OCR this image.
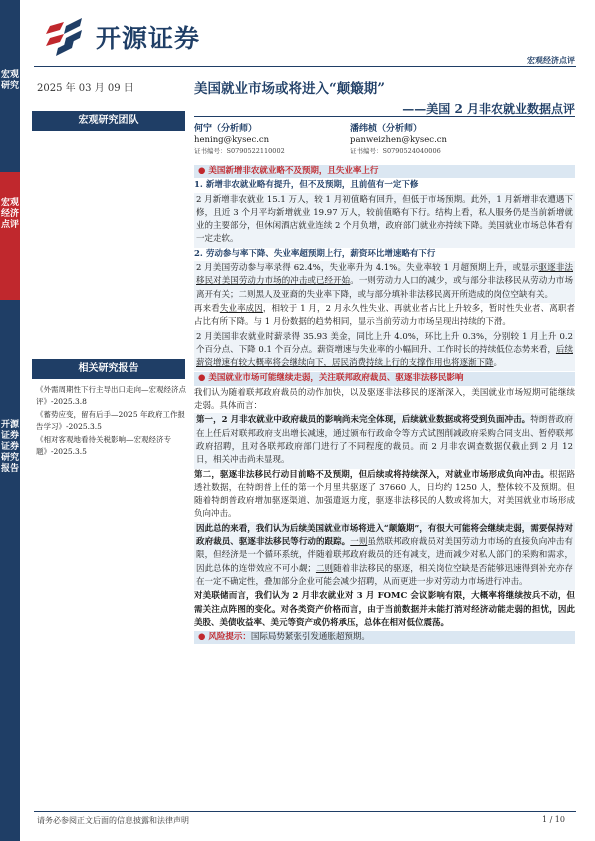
宏观研究
宏观经济点评
开源证券 证券研究报告
开源证券
宏观经济点评
2025 年 03 月 09 日	美国就业市场或将进入“颠簸期”
——美国 2 月非农就业数据点评
宏观研究团队
何宁（分析师）
hening@kysec.cn
证书编号：S0790522110002
潘纬桢（分析师）
panweizhen@kysec.cn
证书编号：S0790524040006
相关研究报告
《外需周期性下行主导出口走向—宏观经济点评》-2025.3.8
《蓄势应变，留有后手—2025 年政府工作报告学习》-2025.3.5
《相对客观地看待关税影响—宏观经济专题》-2025.3.5
● 美国新增非农就业略不及预期，且失业率上行

1. 新增非农就业略有提升，但不及预期，且前值有一定下修

2 月新增非农就业 15.1 万人，较 1 月初值略有回升，但低于市场预期。此外，1 月新增非农遭遇下修，且近 3 个月平均新增就业 19.97 万人，较前值略有下行。结构上看，私人服务仍是当前新增就业的主要部分，但休闲酒店就业连续 2 个月负增，政府部门就业亦持续下降。美国就业市场总体看有一定走软。

2. 劳动参与率下降、失业率超预期上行，薪资环比增速略有下行

2 月美国劳动参与率录得 62.4%，失业率升为 4.1%。失业率较 1 月超预期上升，或显示驱逐非法移民对美国劳动力市场的冲击或已经开始。一则劳动力人口的减少，或与部分非法移民从劳动力市场离开有关；二则黑人及亚裔的失业率下降，或与部分填补非法移民离开所造成的岗位空缺有关。

再来看失业率成因，相较于 1 月，2 月永久性失业、再就业者占比上升较多，暂时性失业者、离职者占比有所下降。与 1 月份数据的趋势相同，显示当前劳动力市场呈现出持续的下滑。

2 月美国非农就业时薪录得 35.93 美金，同比上升 4.0%，环比上升 0.3%，分别较 1 月上升 0.2 个百分点、下降 0.1 个百分点。薪资增速与失业率的小幅回升、工作时长的持续低位态势来看，后续薪资增速有较大概率将会继续向下，居民消费持续上行的支撑作用也将逐渐下降。

● 美国就业市场可能继续走弱，关注联邦政府裁员、驱逐非法移民影响

我们认为随着联邦政府裁员的动作加快，以及驱逐非法移民的逐渐深入，美国就业市场短期可能继续走弱。具体而言：

第一，2 月非农就业中政府裁员的影响尚未完全体现，后续就业数据或将受到负面冲击。特朗普政府在上任后对联邦政府支出增长减速，通过颁布行政命令等方式试图削减政府采购合同支出、暂停联邦政府招聘，且对各联邦政府部门进行了不同程度的裁员。而 2 月非农调查数据仅截止到 2 月 12 日，相关冲击尚未显现。

第二，驱逐非法移民行动目前略不及预期，但后续或将持续深入，对就业市场形成负向冲击。根据路透社数据，在特朗普上任的第一个月里共驱逐了 37660 人，日均约 1250 人，整体较不及预期。但随着特朗普政府增加驱逐渠道、加强遣返力度，驱逐非法移民的人数或将加大，对美国就业市场形成负向冲击。

因此总的来看，我们认为后续美国就业市场将进入“颠簸期”，有很大可能将会继续走弱，需要保持对政府裁员、驱逐非法移民等行动的跟踪。一则虽然联邦政府裁员对美国劳动力市场的直接负向冲击有限，但经济是一个循环系统，伴随着联邦政府裁员的还有减支，进而减少对私人部门的采购和需求，因此总体的连带效应不可小觑；二则随着非法移民的驱逐，相关岗位空缺是否能够迅速得到补充亦存在一定不确定性，叠加部分企业可能会减少招聘，从而更进一步对劳动力市场进行冲击。

对美联储而言，我们认为 2 月非农就业对 3 月 FOMC 会议影响有限，大概率将继续按兵不动，但需关注点阵图的变化。对各类资产价格而言，由于当前数据并未能打消对经济动能走弱的担忧，因此美股、美债收益率、美元等资产或仍将承压，总体在相对低位震荡。

● 风险提示：国际局势紧张引发通胀超预期。
请务必参阅正文后面的信息披露和法律声明	1 / 10
